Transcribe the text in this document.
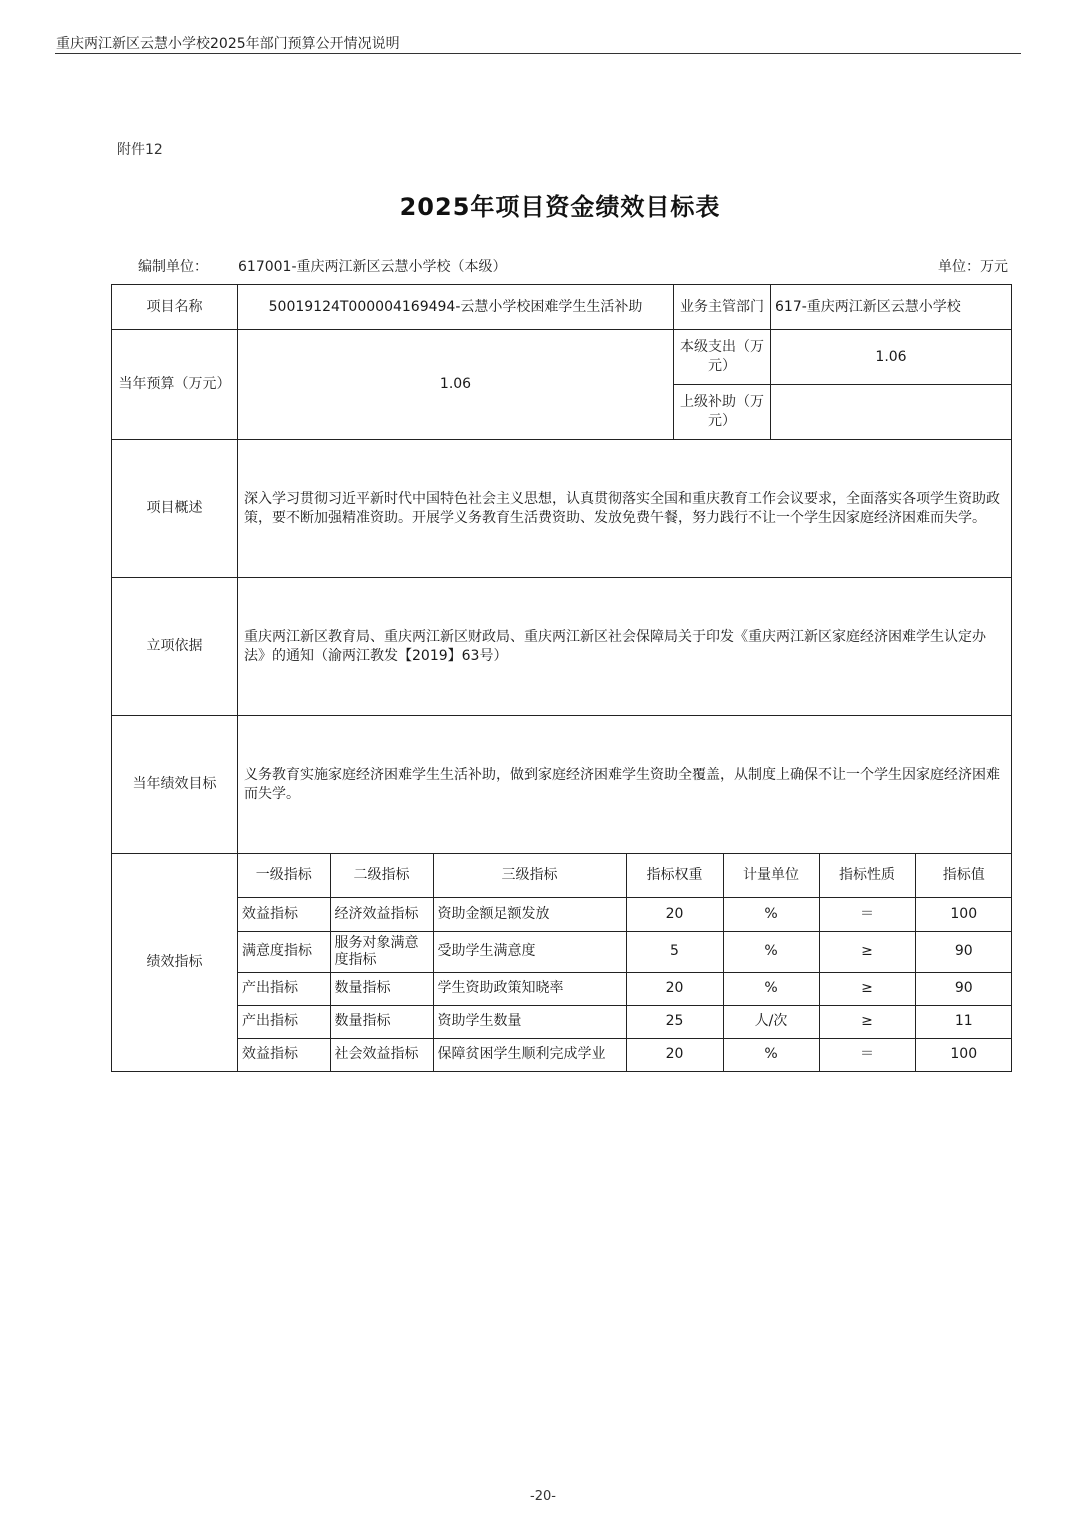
重庆两江新区云慧小学校2025年部门预算公开情况说明
附件12
2025年项目资金绩效目标表
编制单位： 617001-重庆两江新区云慧小学校（本级）	单位：万元
项目名称	50019124T000004169494-云慧小学校困难学生生活补助	业务主管部门	617-重庆两江新区云慧小学校
当年预算（万元）	1.06	本级支出（万元）	1.06
上级补助（万元）	
项目概述	深入学习贯彻习近平新时代中国特色社会主义思想，认真贯彻落实全国和重庆教育工作会议要求，全面落实各项学生资助政策，要不断加强精准资助。开展学义务教育生活费资助、发放免费午餐，努力践行不让一个学生因家庭经济困难而失学。
立项依据	重庆两江新区教育局、重庆两江新区财政局、重庆两江新区社会保障局关于印发《重庆两江新区家庭经济困难学生认定办法》的通知（渝两江教发【2019】63号）
当年绩效目标	义务教育实施家庭经济困难学生生活补助，做到家庭经济困难学生资助全覆盖，从制度上确保不让一个学生因家庭经济困难而失学。
绩效指标	
一级指标	二级指标	三级指标	指标权重	计量单位	指标性质	指标值
效益指标	经济效益指标	资助金额足额发放	20	%	＝	100
满意度指标	服务对象满意度指标	受助学生满意度	5	%	≥	90
产出指标	数量指标	学生资助政策知晓率	20	%	≥	90
产出指标	数量指标	资助学生数量	25	人/次	≥	11
效益指标	社会效益指标	保障贫困学生顺利完成学业	20	%	＝	100
-20-
